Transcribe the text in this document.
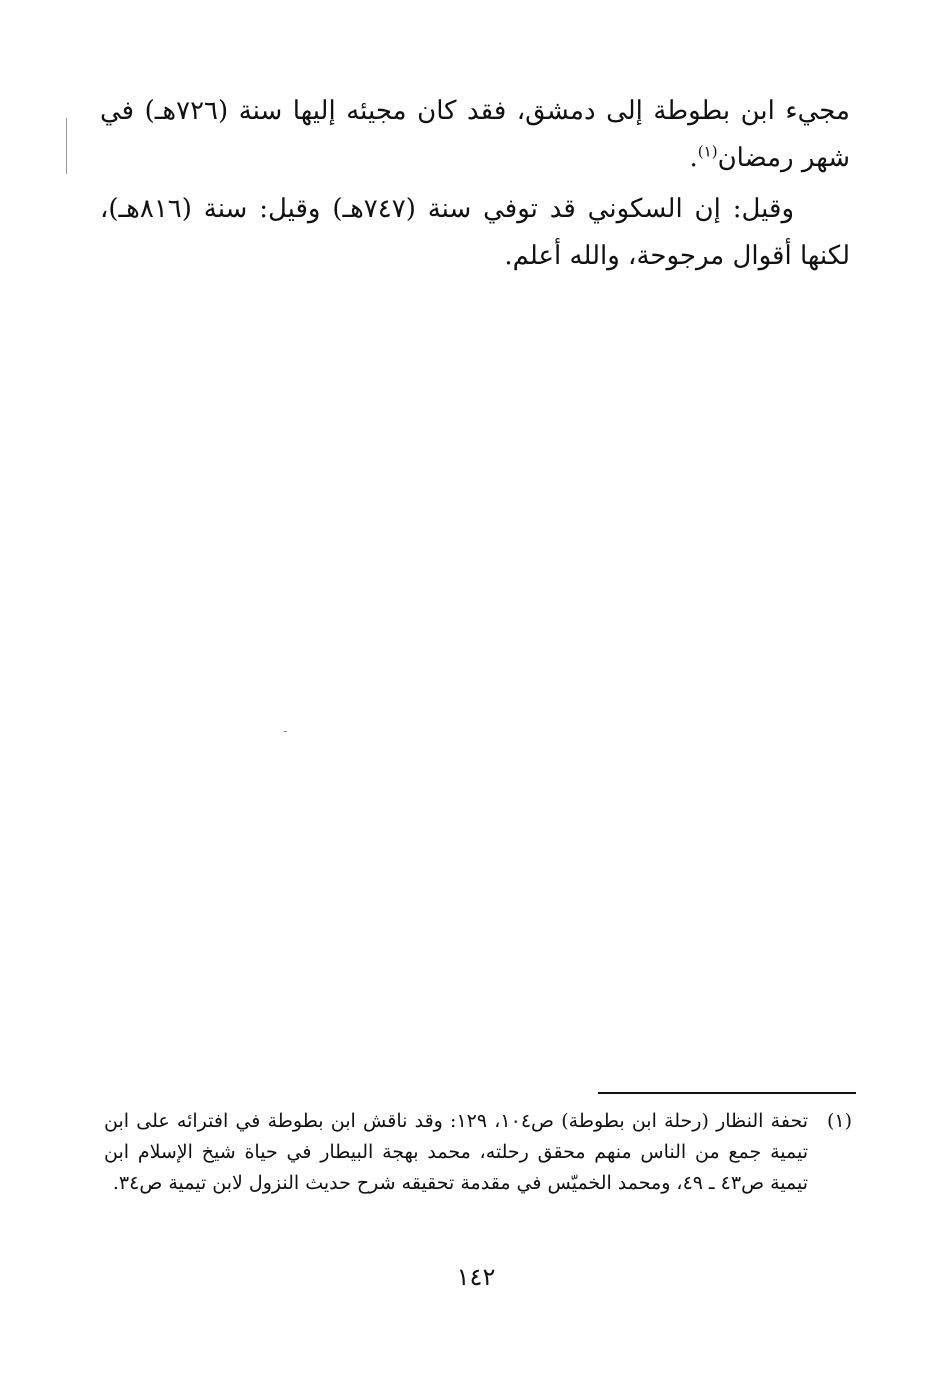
مجيء ابن بطوطة إلى دمشق، فقد كان مجيئه إليها سنة (٧٢٦هـ) في شهر رمضان$^{(١)}$.

وقيل: إن السكوني قد توفي سنة (٧٤٧هـ) وقيل: سنة (٨١٦هـ)، لكنها أقوال مرجوحة، والله أعلم.

(١)
تحفة النظار (رحلة ابن بطوطة) ص١٠٤، ١٢٩: وقد ناقش ابن بطوطة في افترائه على ابن تيمية جمع من الناس منهم محقق رحلته، محمد بهجة البيطار في حياة شيخ الإسلام ابن تيمية ص٤٣ ـ ٤٩، ومحمد الخميّس في مقدمة تحقيقه شرح حديث النزول لابن تيمية ص٣٤.
١٤٢
